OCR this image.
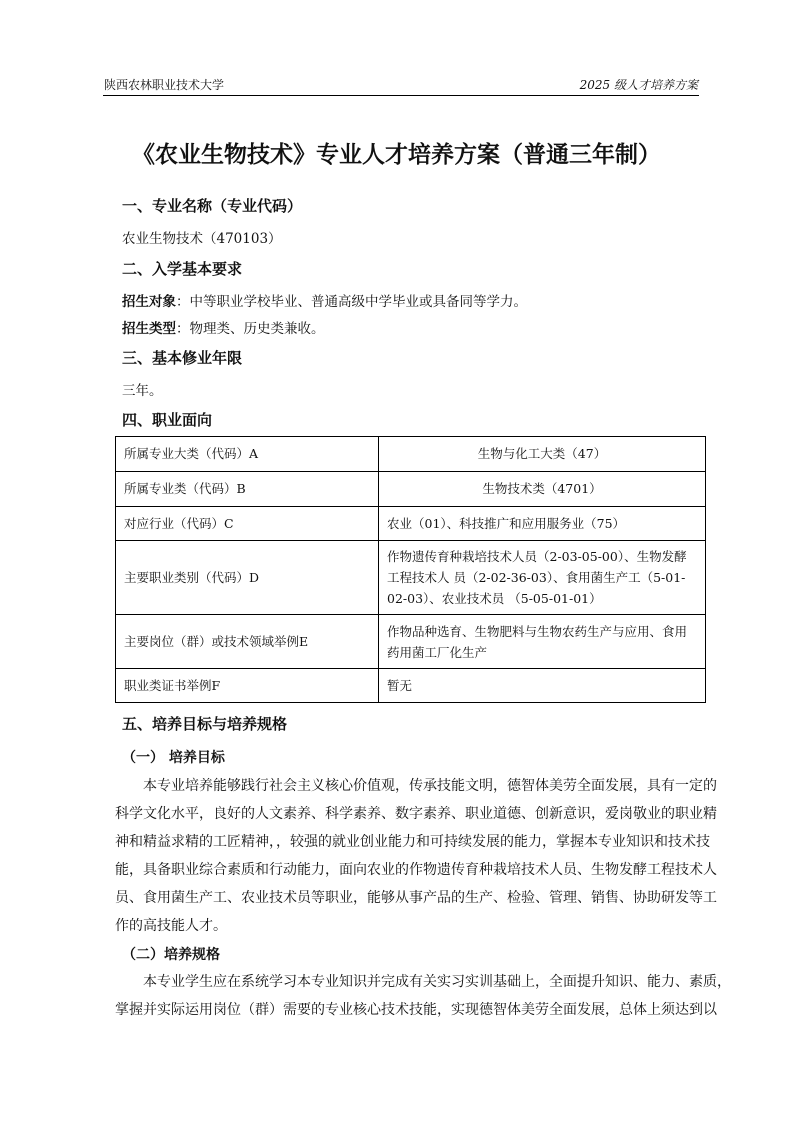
陕西农林职业技术大学	2025 级人才培养方案
《农业生物技术》专业人才培养方案（普通三年制）
一、专业名称（专业代码）
农业生物技术（470103）
二、入学基本要求
招生对象：中等职业学校毕业、普通高级中学毕业或具备同等学力。
招生类型：物理类、历史类兼收。
三、基本修业年限
三年。
四、职业面向
所属专业大类（代码）A	生物与化工大类（47）
所属专业类（代码）B	生物技术类（4701）
对应行业（代码）C	农业（01）、科技推广和应用服务业（75）
主要职业类别（代码）D	作物遗传育种栽培技术人员（2-03-05-00）、生物发酵工程技术人 员（2-02-36-03）、食用菌生产工（5-01-02-03）、农业技术员 （5-05-01-01）
主要岗位（群）或技术领域举例E	作物品种选育、生物肥料与生物农药生产与应用、食用药用菌工厂化生产
职业类证书举例F	暂无
五、培养目标与培养规格
（一） 培养目标
　　本专业培养能够践行社会主义核心价值观，传承技能文明，德智体美劳全面发展，具有一定的
科学文化水平，良好的人文素养、科学素养、数字素养、职业道德、创新意识，爱岗敬业的职业精
神和精益求精的工匠精神，，较强的就业创业能力和可持续发展的能力，掌握本专业知识和技术技
能，具备职业综合素质和行动能力，面向农业的作物遗传育种栽培技术人员、生物发酵工程技术人
员、食用菌生产工、农业技术员等职业，能够从事产品的生产、检验、管理、销售、协助研发等工
作的高技能人才。
（二）培养规格
　　本专业学生应在系统学习本专业知识并完成有关实习实训基础上，全面提升知识、能力、素质，
掌握并实际运用岗位（群）需要的专业核心技术技能，实现德智体美劳全面发展，总体上须达到以
